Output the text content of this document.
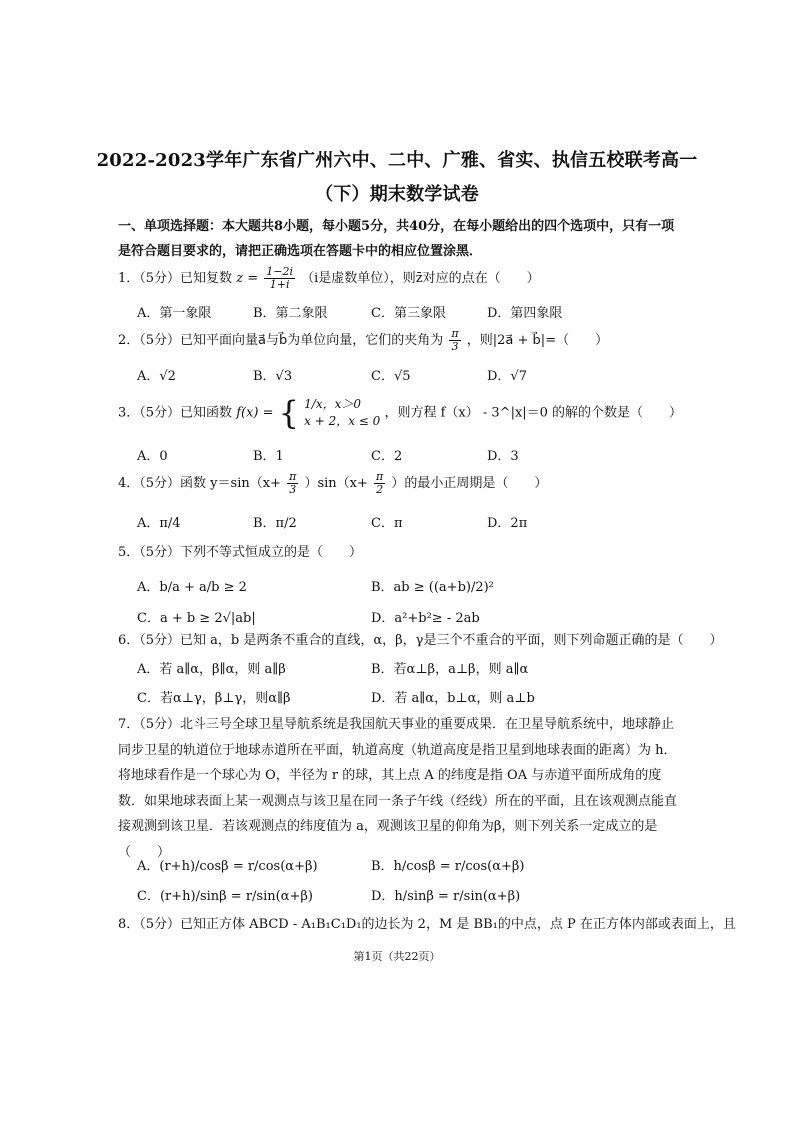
2022-2023学年广东省广州六中、二中、广雅、省实、执信五校联考高一
（下）期末数学试卷
一、单项选择题：本大题共8小题，每小题5分，共40分，在每小题给出的四个选项中，只有一项是符合题目要求的，请把正确选项在答题卡中的相应位置涂黑．
1．（5分）已知复数 $z = \frac{1-2i}{1+i} (i$是虚数单位），则z̄对应的点在（　　）
A．第一象限	B．第二象限	C．第三象限	D．第四象限
2．（5分）已知平面向量a⃗与b⃗为单位向量，它们的夹角为 $\frac{\pi}{3}$ ，则|2a⃗ + b⃗|=（　　）
A．√2	B．√3	C．√5	D．√7
3．（5分）已知函数 f(x) = { 1/x，x＞0
x + 2，x ≤ 0
，则方程 f（x） - 3^|x|＝0 的解的个数是（　　）
A．0	B．1	C．2	D．3
4．（5分）函数 $y=\sin(x+ \frac{\pi}{3} )\sin(x+ \frac{\pi}{2}$ ）的最小正周期是（　　）
A．π/4	B．π/2	C．π	D．2π
5．（5分）下列不等式恒成立的是（　　）
A．b/a + a/b ≥ 2	B．ab ≥ ((a+b)/2)²
C．a + b ≥ 2√|ab|	D．a²+b²≥ - 2ab
6．（5分）已知 a，b 是两条不重合的直线，α，β，γ是三个不重合的平面，则下列命题正确的是（　　）
A．若 a∥α，β∥α，则 a∥β	B．若α⊥β，a⊥β，则 a∥α
C．若α⊥γ，β⊥γ，则α∥β	D．若 a∥α，b⊥α，则 a⊥b
7．（5分）北斗三号全球卫星导航系统是我国航天事业的重要成果．在卫星导航系统中，地球静止同步卫星的轨道位于地球赤道所在平面，轨道高度（轨道高度是指卫星到地球表面的距离）为 h．将地球看作是一个球心为 O，半径为 r 的球，其上点 A 的纬度是指 OA 与赤道平面所成角的度数．如果地球表面上某一观测点与该卫星在同一条子午线（经线）所在的平面，且在该观测点能直接观测到该卫星．若该观测点的纬度值为 a，观测该卫星的仰角为β，则下列关系一定成立的是（　　）
A．(r+h)/cosβ = r/cos(α+β)	B．h/cosβ = r/cos(α+β)
C．(r+h)/sinβ = r/sin(α+β)	D．h/sinβ = r/sin(α+β)
8．（5分）已知正方体 ABCD - A₁B₁C₁D₁的边长为 2，M 是 BB₁的中点，点 P 在正方体内部或表面上，且
第1页（共22页）
